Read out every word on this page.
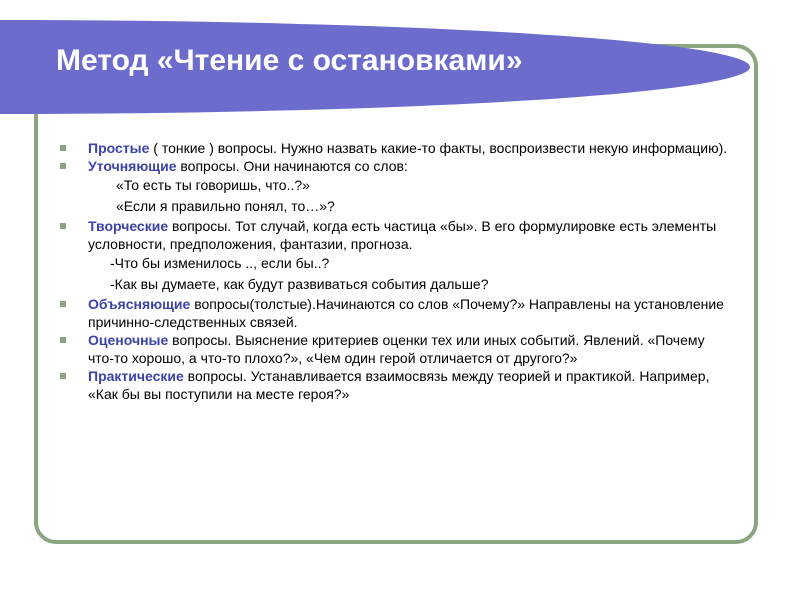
Метод «Чтение с остановками»
Простые ( тонкие ) вопросы. Нужно назвать какие-то факты, воспроизвести некую информацию).
Уточняющие вопросы. Они начинаются со слов:
«То есть ты говоришь, что..?»
«Если я правильно понял, то…»?
Творческие вопросы. Тот случай, когда есть частица «бы». В его формулировке есть элементы условности, предположения, фантазии, прогноза.
-Что бы изменилось .., если бы..?
-Как вы думаете, как будут развиваться события дальше?
Объясняющие вопросы(толстые).Начинаются со слов «Почему?» Направлены на установление причинно-следственных связей.
Оценочные вопросы. Выяснение критериев оценки тех или иных событий. Явлений. «Почему что-то хорошо, а что-то плохо?», «Чем один герой отличается от другого?»
Практические вопросы. Устанавливается взаимосвязь между теорией и практикой. Например, «Как бы вы поступили на месте героя?»
